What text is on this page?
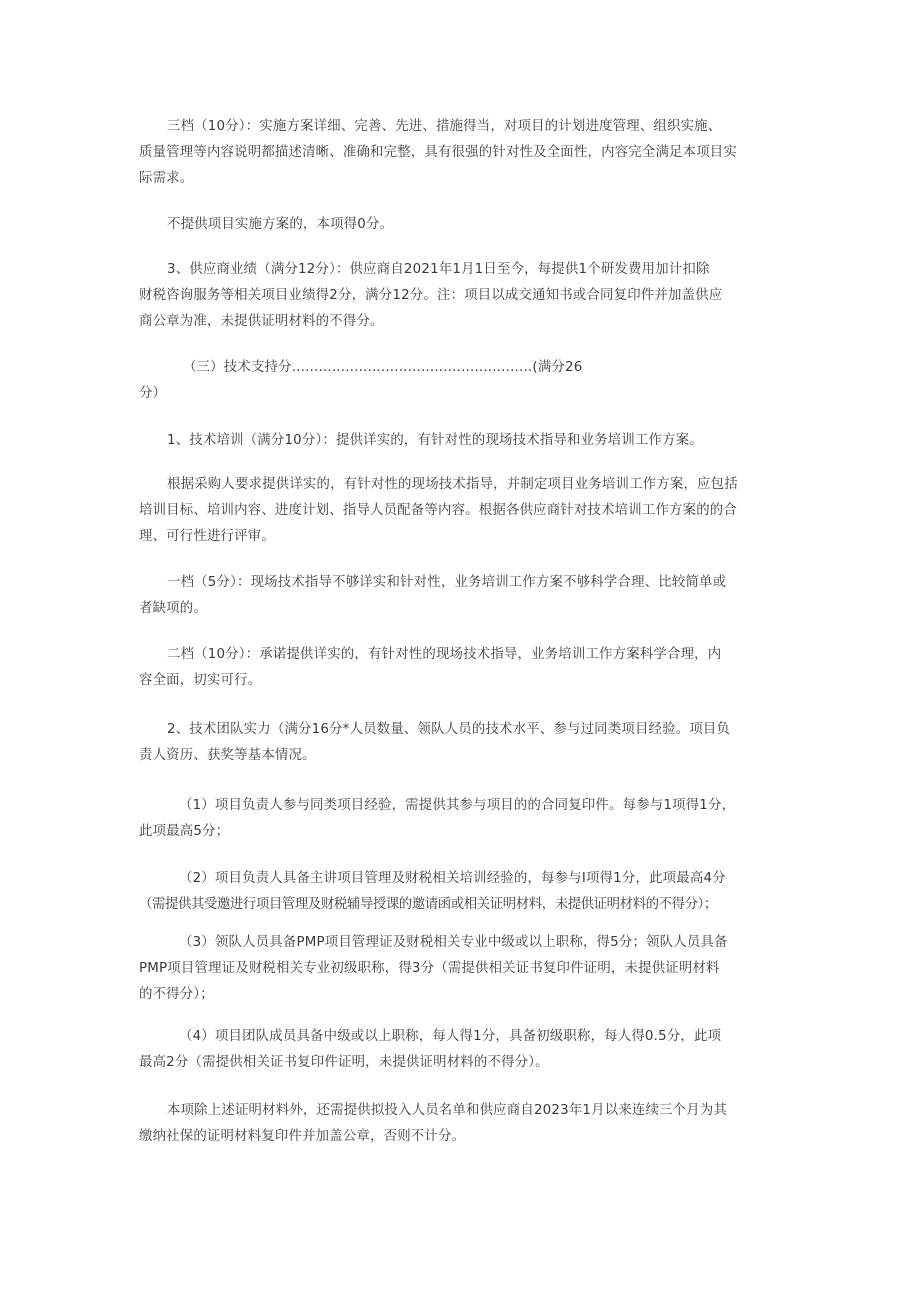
三档（10分）：实施方案详细、完善、先进、措施得当，对项目的计划进度管理、组织实施、
质量管理等内容说明都描述清晰、准确和完整，具有很强的针对性及全面性，内容完全满足本项目实
际需求。

不提供项目实施方案的，本项得0分。

3、供应商业绩（满分12分）：供应商自2021年1月1日至今，每提供1个研发费用加计扣除
财税咨询服务等相关项目业绩得2分，满分12分。注：项目以成交通知书或合同复印件并加盖供应
商公章为准，未提供证明材料的不得分。

（三）技术支持分......................................................(满分26
分）

1、技术培训（满分10分）：提供详实的，有针对性的现场技术指导和业务培训工作方案。

根据采购人要求提供详实的，有针对性的现场技术指导，并制定项目业务培训工作方案，应包括
培训目标、培训内容、进度计划、指导人员配备等内容。根据各供应商针对技术培训工作方案的的合
理、可行性进行评审。

一档（5分）：现场技术指导不够详实和针对性，业务培训工作方案不够科学合理、比较简单或
者缺项的。

二档（10分）：承诺提供详实的，有针对性的现场技术指导，业务培训工作方案科学合理，内
容全面，切实可行。

2、技术团队实力（满分16分*人员数量、领队人员的技术水平、参与过同类项目经验。项目负
责人资历、获奖等基本情况。

（1）项目负责人参与同类项目经验，需提供其参与项目的的合同复印件。每参与1项得1分，
此项最高5分；

（2）项目负责人具备主讲项目管理及财税相关培训经验的，每参与I项得1分，此项最高4分
（需提供其受邀进行项目管理及财税辅导授课的邀请函或相关证明材料，未提供证明材料的不得分）；

（3）领队人员具备PMP项目管理证及财税相关专业中级或以上职称，得5分；领队人员具备
PMP项目管理证及财税相关专业初级职称，得3分（需提供相关证书复印件证明，未提供证明材料
的不得分）；

（4）项目团队成员具备中级或以上职称，每人得1分，具备初级职称，每人得0.5分，此项
最高2分（需提供相关证书复印件证明，未提供证明材料的不得分）。

本项除上述证明材料外，还需提供拟投入人员名单和供应商自2023年1月以来连续三个月为其
缴纳社保的证明材料复印件并加盖公章，否则不计分。
